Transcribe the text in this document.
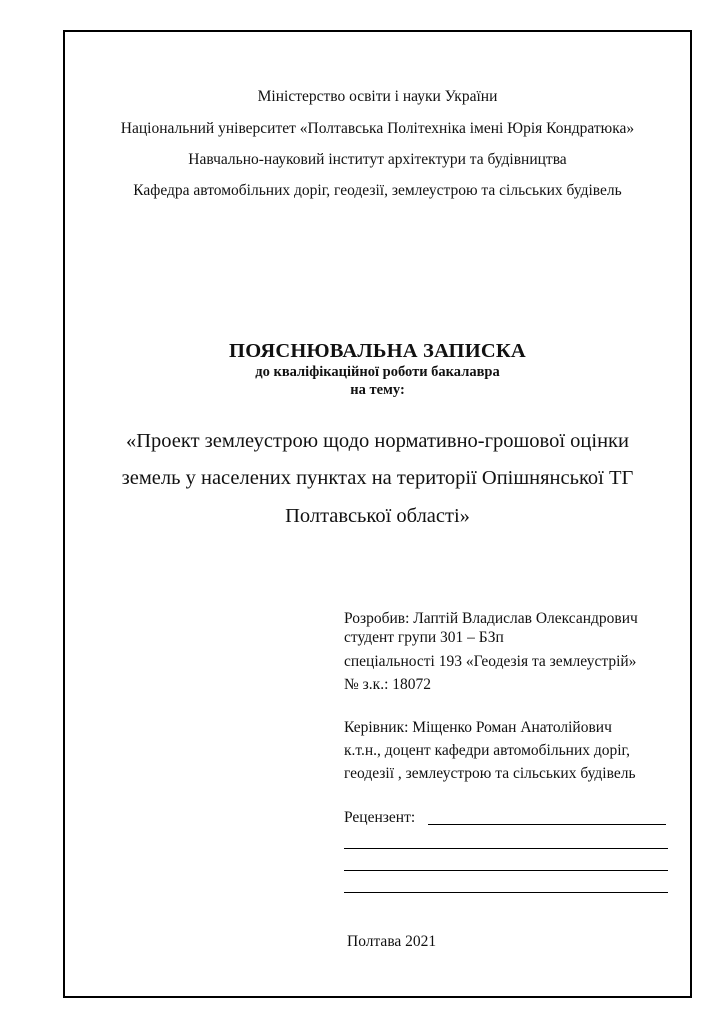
Міністерство освіти і науки України
Національний університет «Полтавська Політехніка імені Юрія Кондратюка»
Навчально-науковий інститут архітектури та будівництва
Кафедра автомобільних доріг, геодезії, землеустрою та сільських будівель
ПОЯСНЮВАЛЬНА ЗАПИСКА
до кваліфікаційної роботи бакалавра
на тему:
«Проект землеустрою щодо нормативно-грошової оцінки
земель у населених пунктах на території Опішнянської ТГ
Полтавської області»
Розробив: Лаптій Владислав Олександрович
студент групи 301 – БЗп
спеціальності 193 «Геодезія та землеустрій»
№ з.к.: 18072
Керівник: Міщенко Роман Анатолійович
к.т.н., доцент кафедри автомобільних доріг,
геодезії , землеустрою та сільських будівель
Рецензент:
Полтава 2021
